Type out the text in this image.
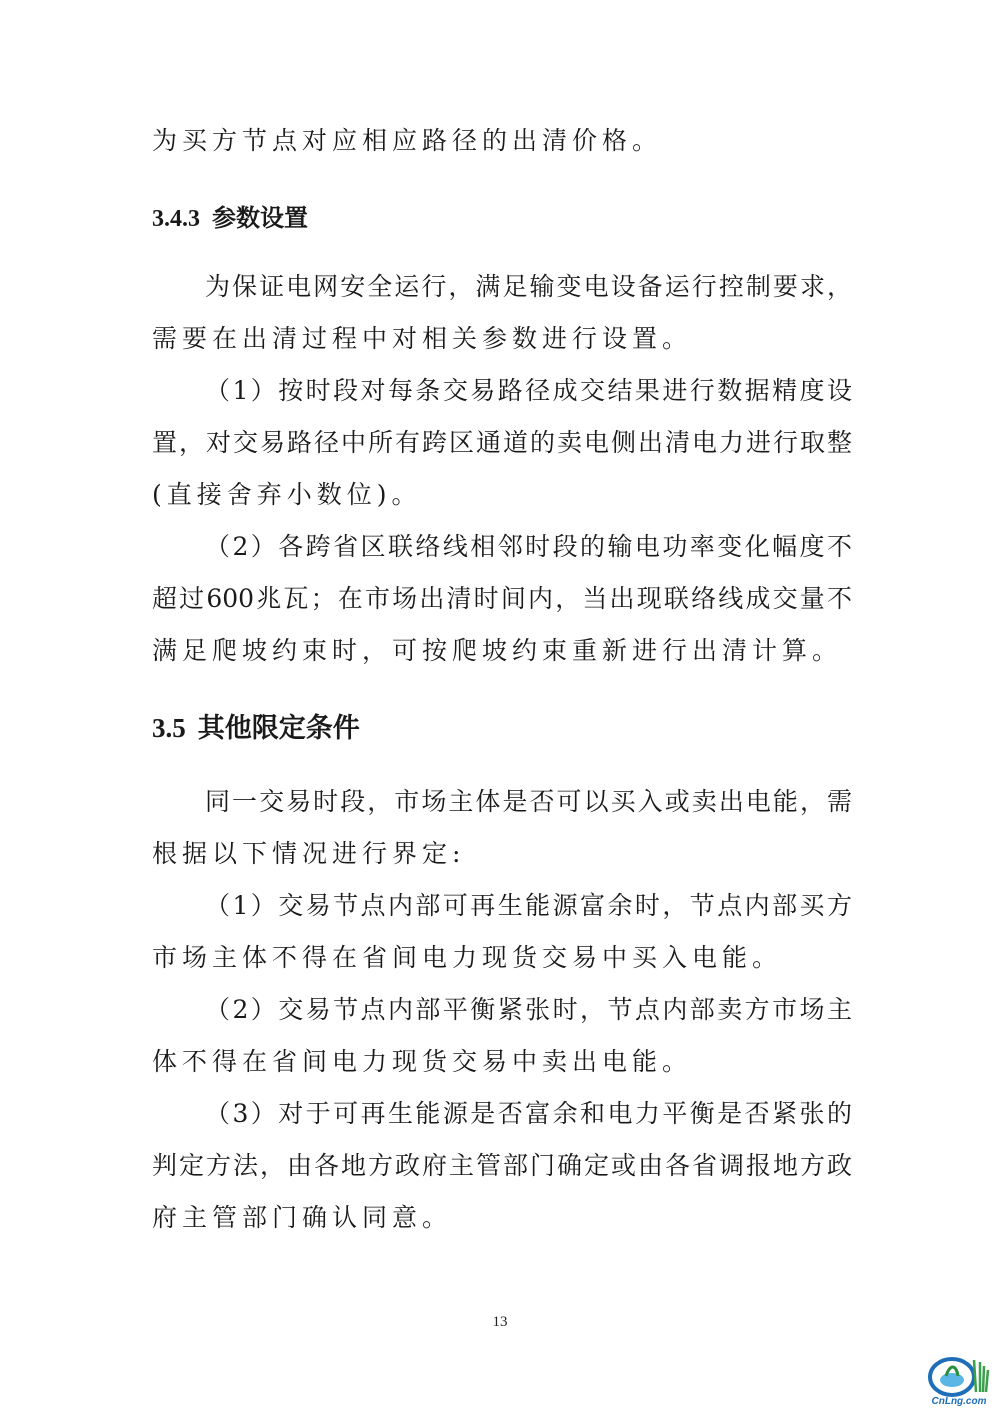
为买方节点对应相应路径的出清价格。
3.4.3 参数设置
为保证电网安全运行，满足输变电设备运行控制要求，
需要在出清过程中对相关参数进行设置。
（1）按时段对每条交易路径成交结果进行数据精度设
置，对交易路径中所有跨区通道的卖电侧出清电力进行取整
(直接舍弃小数位)。
（2）各跨省区联络线相邻时段的输电功率变化幅度不
超过600兆瓦；在市场出清时间内，当出现联络线成交量不
满足爬坡约束时，可按爬坡约束重新进行出清计算。
3.5 其他限定条件
同一交易时段，市场主体是否可以买入或卖出电能，需
根据以下情况进行界定:
（1）交易节点内部可再生能源富余时，节点内部买方
市场主体不得在省间电力现货交易中买入电能。
（2）交易节点内部平衡紧张时，节点内部卖方市场主
体不得在省间电力现货交易中卖出电能。
（3）对于可再生能源是否富余和电力平衡是否紧张的
判定方法，由各地方政府主管部门确定或由各省调报地方政
府主管部门确认同意。
13
CnLng.com
